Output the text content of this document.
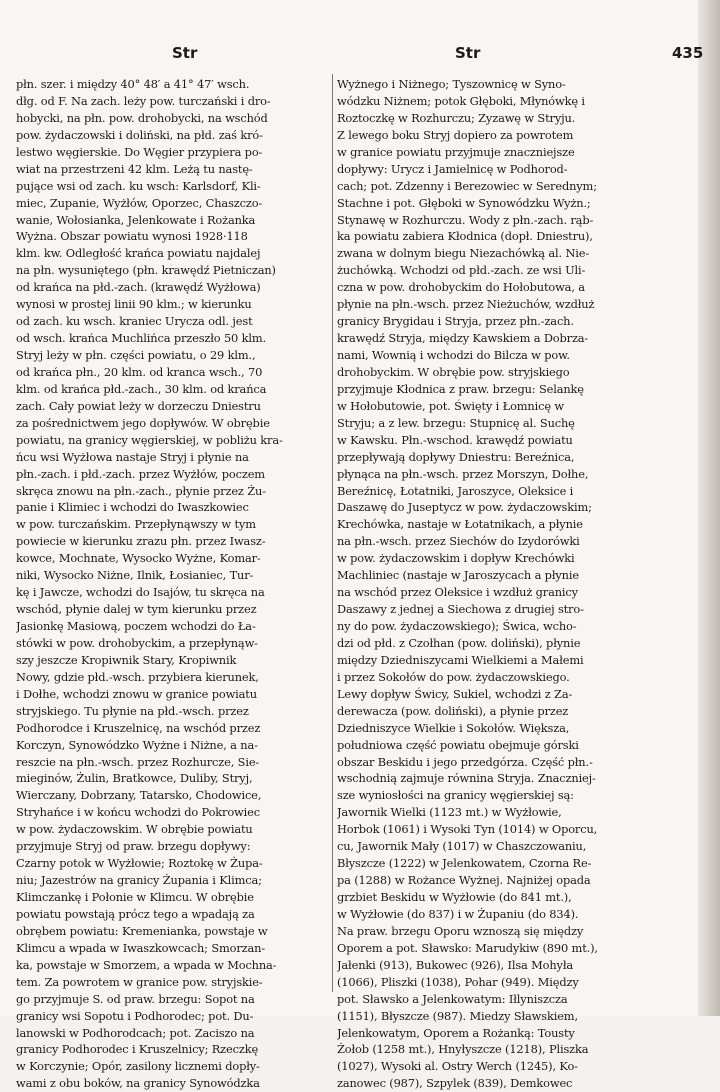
Str	Str	435
płn. szer. i między 40° 48′ a 41° 47′ wsch.
dłg. od F. Na zach. leży pow. turczański i dro-
hobycki, na płn. pow. drohobycki, na wschód
pow. żydaczowski i doliński, na płd. zaś kró-
lestwo węgierskie. Do Węgier przypiera po-
wiat na przestrzeni 42 klm. Leżą tu nastę-
pujące wsi od zach. ku wsch: Karlsdorf, Kli-
miec, Zupanie, Wyżłów, Oporzec, Chaszczo-
wanie, Wołosianka, Jelenkowate i Rożanka
Wyżna. Obszar powiatu wynosi 1928·118
klm. kw. Odległość krańca powiatu najdalej
na płn. wysuniętego (płn. krawędź Pietniczan)
od krańca na płd.-zach. (krawędź Wyżłowa)
wynosi w prostej linii 90 klm.; w kierunku
od zach. ku wsch. kraniec Urycza odl. jest
od wsch. krańca Muchlińca przeszło 50 klm.
Stryj leży w płn. części powiatu, o 29 klm.,
od krańca płn., 20 klm. od kranca wsch., 70
klm. od krańca płd.-zach., 30 klm. od krańca
zach. Cały powiat leży w dorzeczu Dniestru
za pośrednictwem jego dopływów. W obrębie
powiatu, na granicy węgierskiej, w pobliżu kra-
ńcu wsi Wyżłowa nastaje Stryj i płynie na
płn.-zach. i płd.-zach. przez Wyżłów, poczem
skręca znowu na płn.-zach., płynie przez Żu-
panie i Klimiec i wchodzi do Iwaszkowiec
w pow. turczańskim. Przepłynąwszy w tym
powiecie w kierunku zrazu płn. przez Iwasz-
kowce, Mochnate, Wysocko Wyżne, Komar-
niki, Wysocko Niżne, Ilnik, Łosianiec, Tur-
kę i Jawcze, wchodzi do Isajów, tu skręca na
wschód, płynie dalej w tym kierunku przez
Jasionkę Masiową, poczem wchodzi do Ła-
stówki w pow. drohobyckim, a przepłynąw-
szy jeszcze Kropiwnik Stary, Kropiwnik
Nowy, gdzie płd.-wsch. przybiera kierunek,
i Dołhe, wchodzi znowu w granice powiatu
stryjskiego. Tu płynie na płd.-wsch. przez
Podhorodce i Kruszelnicę, na wschód przez
Korczyn, Synowódzko Wyżne i Niżne, a na-
reszcie na płn.-wsch. przez Rozhurcze, Sie-
mieginów, Żulin, Bratkowce, Duliby, Stryj,
Wierczany, Dobrzany, Tatarsko, Chodowice,
Stryhańce i w końcu wchodzi do Pokrowiec
w pow. żydaczowskim. W obrębie powiatu
przyjmuje Stryj od praw. brzegu dopływy:
Czarny potok w Wyżłowie; Roztokę w Żupa-
niu; Jazestrów na granicy Żupania i Klimca;
Klimczankę i Połonie w Klimcu. W obrębie
powiatu powstają prócz tego a wpadają za
obrębem powiatu: Kremenianka, powstaje w
Klimcu a wpada w Iwaszkowcach; Smorzan-
ka, powstaje w Smorzem, a wpada w Mochna-
tem. Za powrotem w granice pow. stryjskie-
go przyjmuje S. od praw. brzegu: Sopot na
granicy wsi Sopotu i Podhorodec; pot. Du-
lanowski w Podhorodcach; pot. Zaciszo na
granicy Podhorodec i Kruszelnicy; Rzeczkę
w Korczynie; Opór, zasilony licznemi dopły-
wami z obu boków, na granicy Synowódzka
Wyżnego i Niżnego; Tyszownicę w Syno-
wódzku Niżnem; potok Głęboki, Młynówkę i
Roztoczkę w Rozhurczu; Zyzawę w Stryju.
Z lewego boku Stryj dopiero za powrotem
w granice powiatu przyjmuje znaczniejsze
dopływy: Urycz i Jamielnicę w Podhorod-
cach; pot. Zdzenny i Berezowiec w Serednym;
Stachne i pot. Głęboki w Synowódzku Wyżn.;
Stynawę w Rozhurczu. Wody z płn.-zach. rąb-
ka powiatu zabiera Kłodnica (dopł. Dniestru),
zwana w dolnym biegu Niezachówką al. Nie-
żuchówką. Wchodzi od płd.-zach. ze wsi Uli-
czna w pow. drohobyckim do Hołobutowa, a
płynie na płn.-wsch. przez Nieżuchów, wzdłuż
granicy Brygidau i Stryja, przez płn.-zach.
krawędź Stryja, między Kawskiem a Dobrza-
nami, Wownią i wchodzi do Bilcza w pow.
drohobyckim. W obrębie pow. stryjskiego
przyjmuje Kłodnica z praw. brzegu: Selankę
w Hołobutowie, pot. Święty i Łomnicę w
Stryju; a z lew. brzegu: Stupnicę al. Suchę
w Kawsku. Płn.-wschod. krawędź powiatu
przepływają dopływy Dniestru: Bereźnica,
płynąca na płn.-wsch. przez Morszyn, Dołhe,
Bereźnicę, Łotatniki, Jaroszyce, Oleksice i
Daszawę do Juseptycz w pow. żydaczowskim;
Krechówka, nastaje w Łotatnikach, a płynie
na płn.-wsch. przez Siechów do Izydorówki
w pow. żydaczowskim i dopływ Krechówki
Machliniec (nastaje w Jaroszycach a płynie
na wschód przez Oleksice i wzdłuż granicy
Daszawy z jednej a Siechowa z drugiej stro-
ny do pow. żydaczowskiego); Świca, wcho-
dzi od płd. z Czołhan (pow. doliński), płynie
między Dziedniszycami Wielkiemi a Małemi
i przez Sokołów do pow. żydaczowskiego.
Lewy dopływ Świcy, Sukiel, wchodzi z Za-
derewacza (pow. doliński), a płynie przez
Dziedniszyce Wielkie i Sokołów. Większa,
południowa część powiatu obejmuje górski
obszar Beskidu i jego przedgórza. Część płn.-
wschodnią zajmuje równina Stryja. Znaczniej-
sze wyniosłości na granicy węgierskiej są:
Jawornik Wielki (1123 mt.) w Wyżłowie,
Horbok (1061) i Wysoki Tyn (1014) w Oporcu,
cu, Jawornik Mały (1017) w Chaszczowaniu,
Błyszcze (1222) w Jelenkowatem, Czorna Re-
pa (1288) w Rożance Wyżnej. Najniżej opada
grzbiet Beskidu w Wyżłowie (do 841 mt.),
w Wyżłowie (do 837) i w Żupaniu (do 834).
Na praw. brzegu Oporu wznoszą się między
Oporem a pot. Sławsko: Marudykiw (890 mt.),
Jałenki (913), Bukowec (926), Ilsa Mohyła
(1066), Pliszki (1038), Pohar (949). Między
pot. Sławsko a Jelenkowatym: Iłlyniszcza
(1151), Błyszcze (987). Miedzy Sławskiem,
Jelenkowatym, Oporem a Rożanką: Tousty
Żołob (1258 mt.), Hnyłyszcze (1218), Pliszka
(1027), Wysoki al. Ostry Werch (1245), Ko-
zanowec (987), Szpylek (839), Demkowec
